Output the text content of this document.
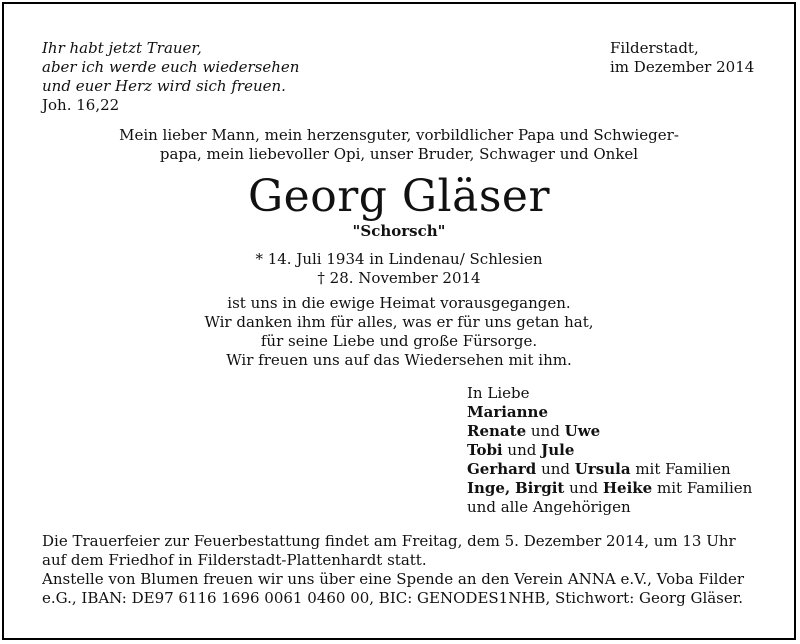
Ihr habt jetzt Trauer,
aber ich werde euch wiedersehen
und euer Herz wird sich freuen.
Joh. 16,22
Filderstadt,
im Dezember 2014
Mein lieber Mann, mein herzensguter, vorbildlicher Papa und Schwieger-
papa, mein liebevoller Opi, unser Bruder, Schwager und Onkel
Georg Gläser
"Schorsch"
* 14. Juli 1934 in Lindenau/ Schlesien
† 28. November 2014
ist uns in die ewige Heimat vorausgegangen.
Wir danken ihm für alles, was er für uns getan hat,
für seine Liebe und große Fürsorge.
Wir freuen uns auf das Wiedersehen mit ihm.
In Liebe
Marianne
Renate und Uwe
Tobi und Jule
Gerhard und Ursula mit Familien
Inge, Birgit und Heike mit Familien
und alle Angehörigen
Die Trauerfeier zur Feuerbestattung findet am Freitag, dem 5. Dezember 2014, um 13 Uhr
auf dem Friedhof in Filderstadt-Plattenhardt statt.
Anstelle von Blumen freuen wir uns über eine Spende an den Verein ANNA e.V., Voba Filder
e.G., IBAN: DE97 6116 1696 0061 0460 00, BIC: GENODES1NHB, Stichwort: Georg Gläser.
